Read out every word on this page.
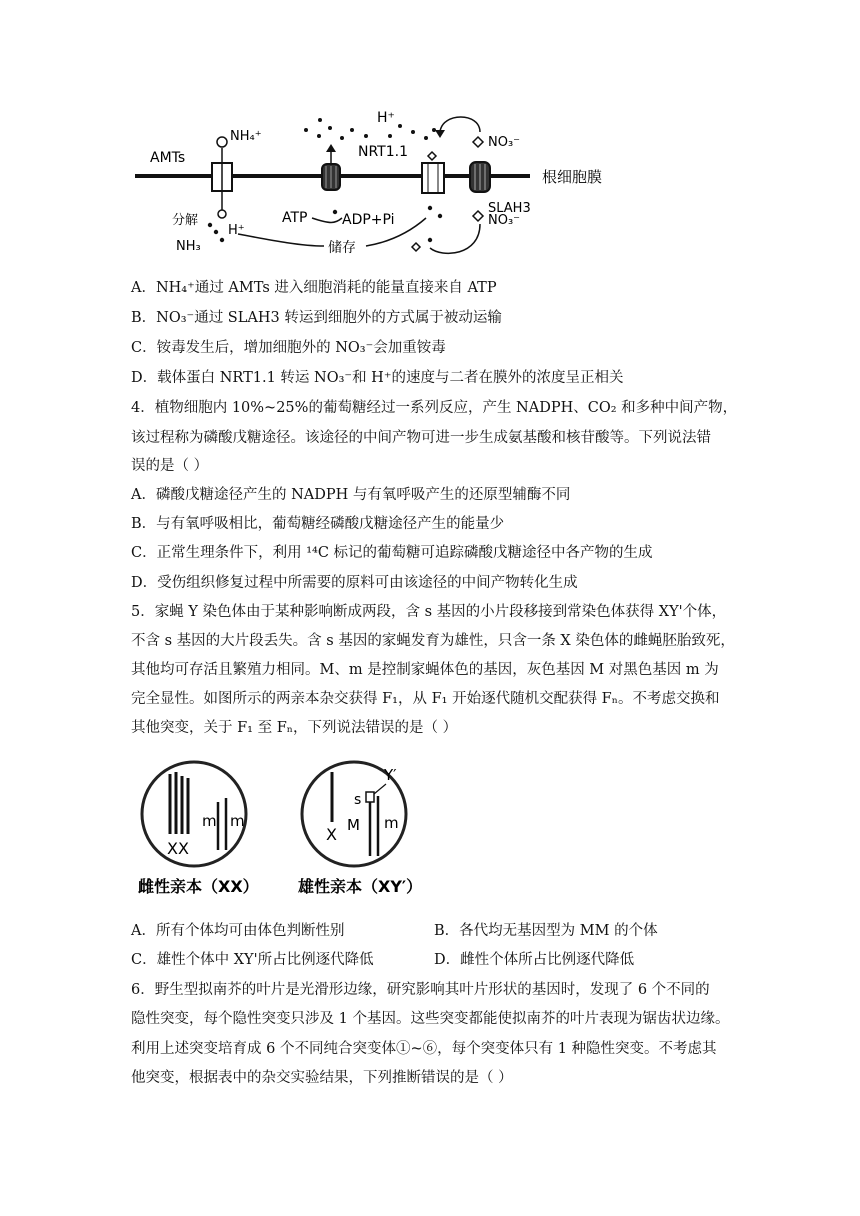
AMTs
NH₄⁺
NRT1.1
SLAH3
根细胞膜
H⁺
NO₃⁻
分解
NH₃
H⁺
ATP ADP+Pi
储存
NO₃⁻
A．NH₄⁺通过 AMTs 进入细胞消耗的能量直接来自 ATP
B．NO₃⁻通过 SLAH3 转运到细胞外的方式属于被动运输
C．铵毒发生后，增加细胞外的 NO₃⁻会加重铵毒
D．载体蛋白 NRT1.1 转运 NO₃⁻和 H⁺的速度与二者在膜外的浓度呈正相关
4．植物细胞内 10%~25%的葡萄糖经过一系列反应，产生 NADPH、CO₂ 和多种中间产物，
该过程称为磷酸戊糖途径。该途径的中间产物可进一步生成氨基酸和核苷酸等。下列说法错
误的是（ ）
A．磷酸戊糖途径产生的 NADPH 与有氧呼吸产生的还原型辅酶不同
B．与有氧呼吸相比，葡萄糖经磷酸戊糖途径产生的能量少
C．正常生理条件下，利用 ¹⁴C 标记的葡萄糖可追踪磷酸戊糖途径中各产物的生成
D．受伤组织修复过程中所需要的原料可由该途径的中间产物转化生成
5．家蝇 Y 染色体由于某种影响断成两段，含 s 基因的小片段移接到常染色体获得 XY'个体，
不含 s 基因的大片段丢失。含 s 基因的家蝇发育为雄性，只含一条 X 染色体的雌蝇胚胎致死，
其他均可存活且繁殖力相同。M、m 是控制家蝇体色的基因，灰色基因 M 对黑色基因 m 为
完全显性。如图所示的两亲本杂交获得 F₁，从 F₁ 开始逐代随机交配获得 Fₙ。不考虑交换和
其他突变，关于 F₁ 至 Fₙ，下列说法错误的是（ ）
XX
m m
X
s
Y′
M m
雌性亲本（XX） 雄性亲本（XY′）
A．所有个体均可由体色判断性别	B．各代均无基因型为 MM 的个体
C．雄性个体中 XY'所占比例逐代降低	D．雌性个体所占比例逐代降低
6．野生型拟南芥的叶片是光滑形边缘，研究影响其叶片形状的基因时，发现了 6 个不同的
隐性突变，每个隐性突变只涉及 1 个基因。这些突变都能使拟南芥的叶片表现为锯齿状边缘。
利用上述突变培育成 6 个不同纯合突变体①~⑥，每个突变体只有 1 种隐性突变。不考虑其
他突变，根据表中的杂交实验结果，下列推断错误的是（ ）
